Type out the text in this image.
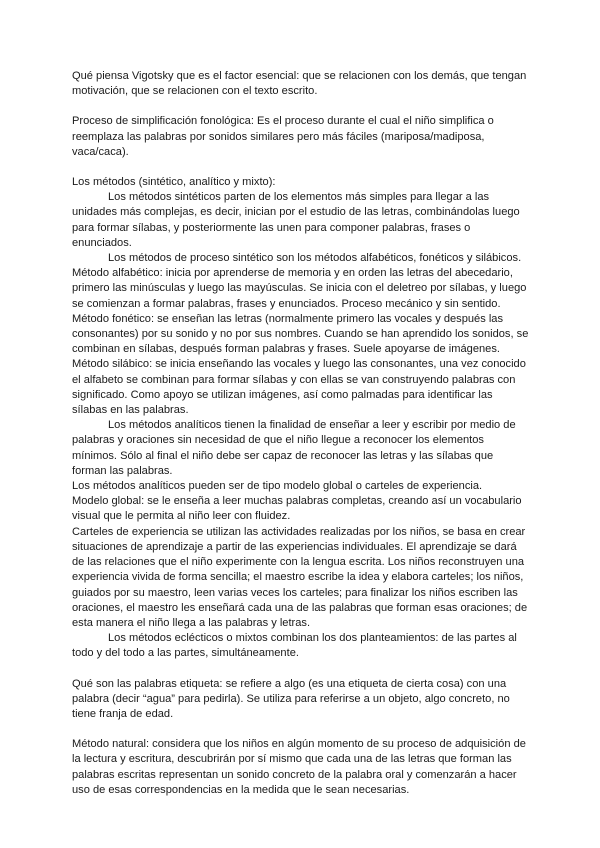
Qué piensa Vigotsky que es el factor esencial: que se relacionen con los demás, que tengan motivación, que se relacionen con el texto escrito.

Proceso de simplificación fonológica: Es el proceso durante el cual el niño simplifica o reemplaza las palabras por sonidos similares pero más fáciles (mariposa/madiposa, vaca/caca).

Los métodos (sintético, analítico y mixto):

Los métodos sintéticos parten de los elementos más simples para llegar a las unidades más complejas, es decir, inician por el estudio de las letras, combinándolas luego para formar sílabas, y posteriormente las unen para componer palabras, frases o enunciados.

Los métodos de proceso sintético son los métodos alfabéticos, fonéticos y silábicos.

Método alfabético: inicia por aprenderse de memoria y en orden las letras del abecedario, primero las minúsculas y luego las mayúsculas. Se inicia con el deletreo por sílabas, y luego se comienzan a formar palabras, frases y enunciados. Proceso mecánico y sin sentido.

Método fonético: se enseñan las letras (normalmente primero las vocales y después las consonantes) por su sonido y no por sus nombres. Cuando se han aprendido los sonidos, se combinan en sílabas, después forman palabras y frases. Suele apoyarse de imágenes.

Método silábico: se inicia enseñando las vocales y luego las consonantes, una vez conocido el alfabeto se combinan para formar sílabas y con ellas se van construyendo palabras con significado. Como apoyo se utilizan imágenes, así como palmadas para identificar las sílabas en las palabras.

Los métodos analíticos tienen la finalidad de enseñar a leer y escribir por medio de palabras y oraciones sin necesidad de que el niño llegue a reconocer los elementos mínimos. Sólo al final el niño debe ser capaz de reconocer las letras y las sílabas que forman las palabras.

Los métodos analíticos pueden ser de tipo modelo global o carteles de experiencia.

Modelo global: se le enseña a leer muchas palabras completas, creando así un vocabulario visual que le permita al niño leer con fluidez.

Carteles de experiencia se utilizan las actividades realizadas por los niños, se basa en crear situaciones de aprendizaje a partir de las experiencias individuales. El aprendizaje se dará de las relaciones que el niño experimente con la lengua escrita. Los niños reconstruyen una experiencia vivida de forma sencilla; el maestro escribe la idea y elabora carteles; los niños, guiados por su maestro, leen varias veces los carteles; para finalizar los niños escriben las oraciones, el maestro les enseñará cada una de las palabras que forman esas oraciones; de esta manera el niño llega a las palabras y letras.

Los métodos eclécticos o mixtos combinan los dos planteamientos: de las partes al todo y del todo a las partes, simultáneamente.

Qué son las palabras etiqueta: se refiere a algo (es una etiqueta de cierta cosa) con una palabra (decir “agua” para pedirla). Se utiliza para referirse a un objeto, algo concreto, no tiene franja de edad.

Método natural: considera que los niños en algún momento de su proceso de adquisición de la lectura y escritura, descubrirán por sí mismo que cada una de las letras que forman las palabras escritas representan un sonido concreto de la palabra oral y comenzarán a hacer uso de esas correspondencias en la medida que le sean necesarias.
